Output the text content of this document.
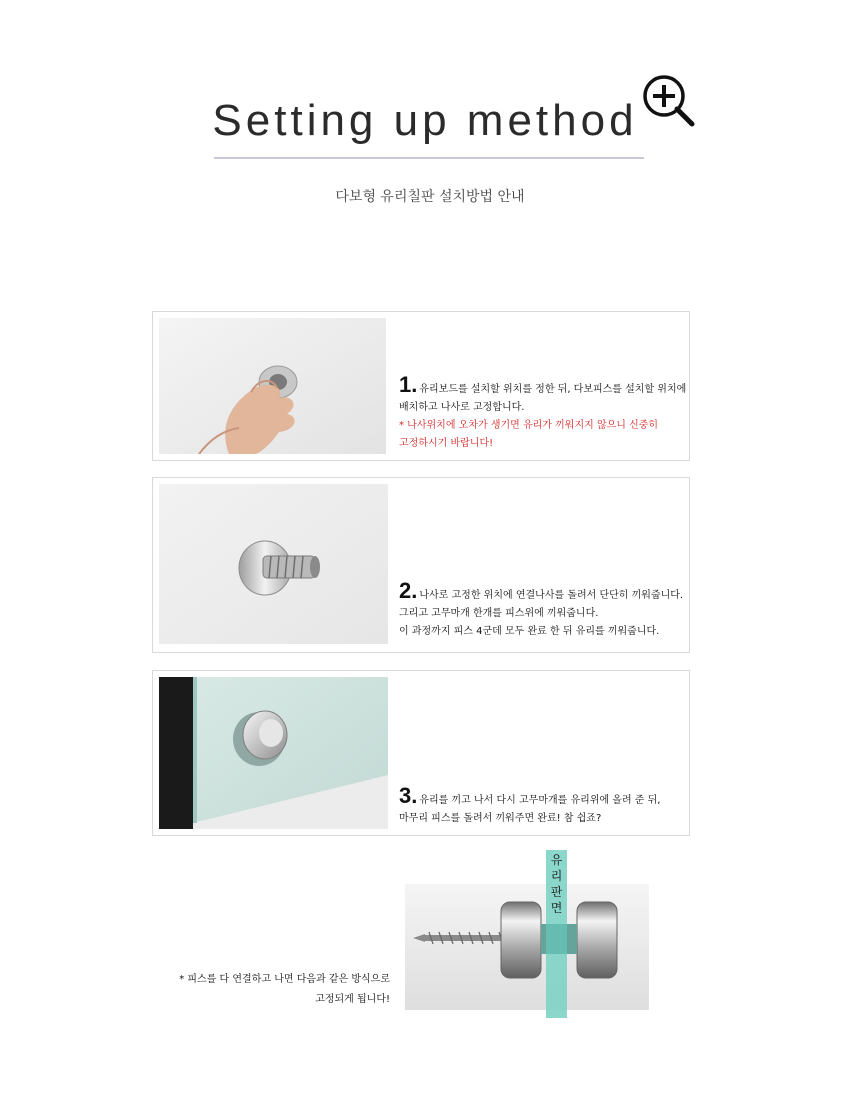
Setting up method
다보형 유리칠판 설치방법 안내
1. 유리보드를 설치할 위치를 정한 뒤, 다보피스를 설치할 위치에
배치하고 나사로 고정합니다.
* 나사위치에 오차가 생기면 유리가 끼워지지 않으니 신중히
고정하시기 바랍니다!
2. 나사로 고정한 위치에 연결나사를 돌려서 단단히 끼워줍니다.
그리고 고무마개 한개를 피스위에 끼워줍니다.
이 과정까지 피스 4군데 모두 완료 한 뒤 유리를 끼워줍니다.
3. 유리를 끼고 나서 다시 고무마개를 유리위에 올려 준 뒤,
마무리 피스를 돌려서 끼워주면 완료! 참 쉽죠?
* 피스를 다 연결하고 나면 다음과 같은 방식으로
고정되게 됩니다!
유
리
판
면
